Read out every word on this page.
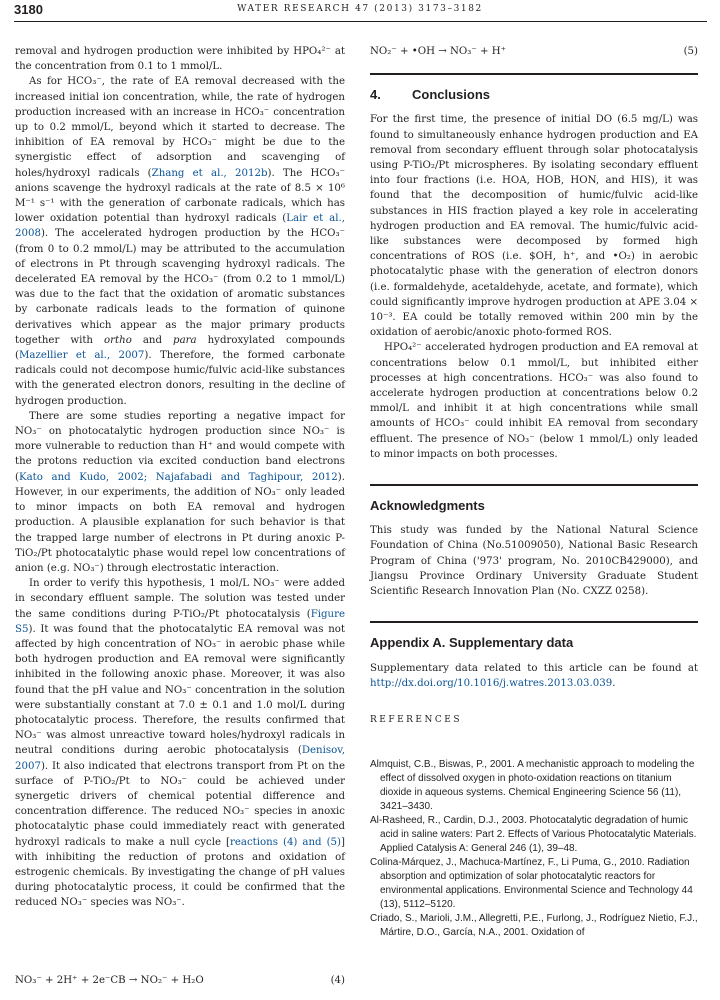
3180	WATER RESEARCH 47 (2013) 3173–3182

removal and hydrogen production were inhibited by HPO₄²⁻ at the concentration from 0.1 to 1 mmol/L.

As for HCO₃⁻, the rate of EA removal decreased with the increased initial ion concentration, while, the rate of hydrogen production increased with an increase in HCO₃⁻ concentration up to 0.2 mmol/L, beyond which it started to decrease. The inhibition of EA removal by HCO₃⁻ might be due to the synergistic effect of adsorption and scavenging of holes/hydroxyl radicals (Zhang et al., 2012b). The HCO₃⁻ anions scavenge the hydroxyl radicals at the rate of 8.5 × 10⁶ M⁻¹ s⁻¹ with the generation of carbonate radicals, which has lower oxidation potential than hydroxyl radicals (Lair et al., 2008). The accelerated hydrogen production by the HCO₃⁻ (from 0 to 0.2 mmol/L) may be attributed to the accumulation of electrons in Pt through scavenging hydroxyl radicals. The decelerated EA removal by the HCO₃⁻ (from 0.2 to 1 mmol/L) was due to the fact that the oxidation of aromatic substances by carbonate radicals leads to the formation of quinone derivatives which appear as the major primary products together with ortho and para hydroxylated compounds (Mazellier et al., 2007). Therefore, the formed carbonate radicals could not decompose humic/fulvic acid-like substances with the generated electron donors, resulting in the decline of hydrogen production.

There are some studies reporting a negative impact for NO₃⁻ on photocatalytic hydrogen production since NO₃⁻ is more vulnerable to reduction than H⁺ and would compete with the protons reduction via excited conduction band electrons (Kato and Kudo, 2002; Najafabadi and Taghipour, 2012). However, in our experiments, the addition of NO₃⁻ only leaded to minor impacts on both EA removal and hydrogen production. A plausible explanation for such behavior is that the trapped large number of electrons in Pt during anoxic P-TiO₂/Pt photocatalytic phase would repel low concentrations of anion (e.g. NO₃⁻) through electrostatic interaction.

In order to verify this hypothesis, 1 mol/L NO₃⁻ were added in secondary effluent sample. The solution was tested under the same conditions during P-TiO₂/Pt photocatalysis (Figure S5). It was found that the photocatalytic EA removal was not affected by high concentration of NO₃⁻ in aerobic phase while both hydrogen production and EA removal were significantly inhibited in the following anoxic phase. Moreover, it was also found that the pH value and NO₃⁻ concentration in the solution were substantially constant at 7.0 ± 0.1 and 1.0 mol/L during photocatalytic process. Therefore, the results confirmed that NO₃⁻ was almost unreactive toward holes/hydroxyl radicals in neutral conditions during aerobic photocatalysis (Denisov, 2007). It also indicated that electrons transport from Pt on the surface of P-TiO₂/Pt to NO₃⁻ could be achieved under synergetic drivers of chemical potential difference and concentration difference. The reduced NO₃⁻ species in anoxic photocatalytic phase could immediately react with generated hydroxyl radicals to make a null cycle [reactions (4) and (5)] with inhibiting the reduction of protons and oxidation of estrogenic chemicals. By investigating the change of pH values during photocatalytic process, it could be confirmed that the reduced NO₃⁻ species was NO₃⁻.

NO₃⁻ + 2H⁺ + 2e⁻CB → NO₂⁻ + H₂O	(4)
NO₂⁻ + •OH → NO₃⁻ + H⁺	(5)
4. Conclusions

For the first time, the presence of initial DO (6.5 mg/L) was found to simultaneously enhance hydrogen production and EA removal from secondary effluent through solar photocatalysis using P-TiO₂/Pt microspheres. By isolating secondary effluent into four fractions (i.e. HOA, HOB, HON, and HIS), it was found that the decomposition of humic/fulvic acid-like substances in HIS fraction played a key role in accelerating hydrogen production and EA removal. The humic/fulvic acid-like substances were decomposed by formed high concentrations of ROS (i.e. $OH, h⁺, and •O₂) in aerobic photocatalytic phase with the generation of electron donors (i.e. formaldehyde, acetaldehyde, acetate, and formate), which could significantly improve hydrogen production at APE 3.04 × 10⁻³. EA could be totally removed within 200 min by the oxidation of aerobic/anoxic photo-formed ROS.

HPO₄²⁻ accelerated hydrogen production and EA removal at concentrations below 0.1 mmol/L, but inhibited either processes at high concentrations. HCO₃⁻ was also found to accelerate hydrogen production at concentrations below 0.2 mmol/L and inhibit it at high concentrations while small amounts of HCO₃⁻ could inhibit EA removal from secondary effluent. The presence of NO₃⁻ (below 1 mmol/L) only leaded to minor impacts on both processes.

Acknowledgments

This study was funded by the National Natural Science Foundation of China (No.51009050), National Basic Research Program of China ('973' program, No. 2010CB429000), and Jiangsu Province Ordinary University Graduate Student Scientific Research Innovation Plan (No. CXZZ 0258).

Appendix A. Supplementary data

Supplementary data related to this article can be found at http://dx.doi.org/10.1016/j.watres.2013.03.039.

REFERENCES

Almquist, C.B., Biswas, P., 2001. A mechanistic approach to modeling the effect of dissolved oxygen in photo-oxidation reactions on titanium dioxide in aqueous systems. Chemical Engineering Science 56 (11), 3421–3430.

Al-Rasheed, R., Cardin, D.J., 2003. Photocatalytic degradation of humic acid in saline waters: Part 2. Effects of Various Photocatalytic Materials. Applied Catalysis A: General 246 (1), 39–48.

Colina-Márquez, J., Machuca-Martínez, F., Li Puma, G., 2010. Radiation absorption and optimization of solar photocatalytic reactors for environmental applications. Environmental Science and Technology 44 (13), 5112–5120.

Criado, S., Marioli, J.M., Allegretti, P.E., Furlong, J., Rodríguez Nietio, F.J., Mártire, D.O., García, N.A., 2001. Oxidation of
